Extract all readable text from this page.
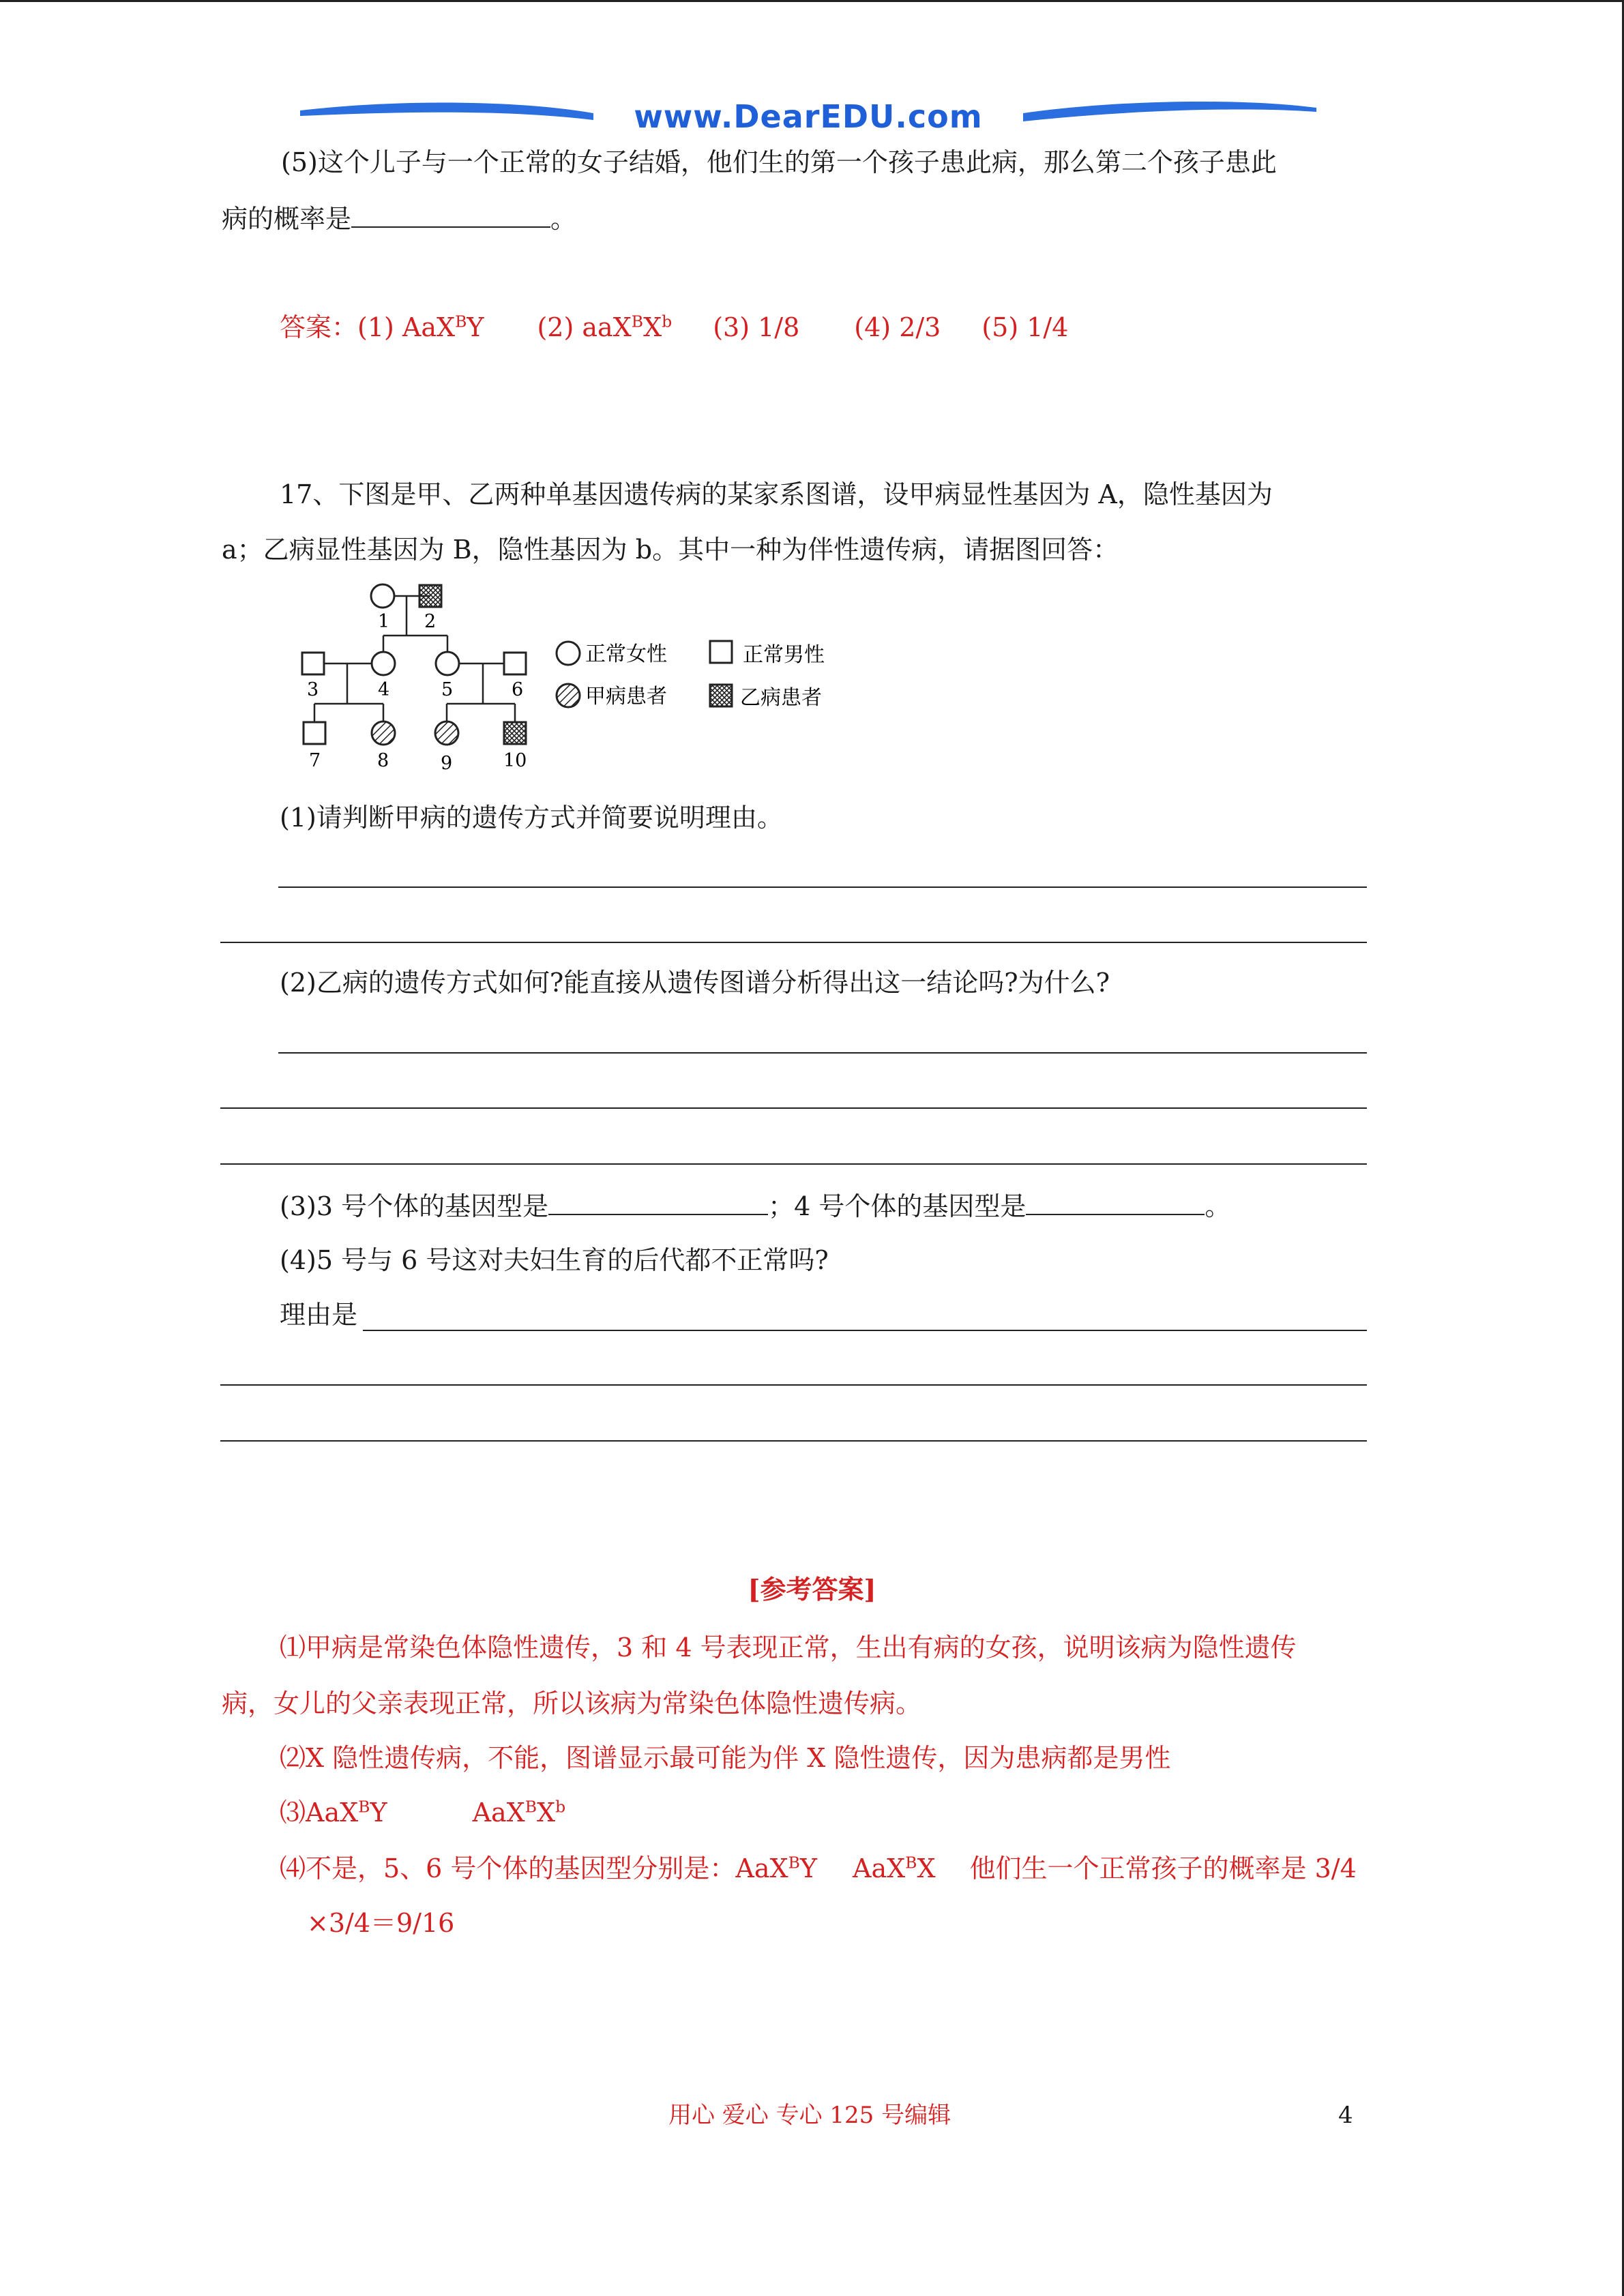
www.DearEDU.com
(5)这个儿子与一个正常的女子结婚，他们生的第一个孩子患此病，那么第二个孩子患此
病的概率是	。
答案：(1) AaX$^B$Y (2) $aaX^BX^b$ (3) 1/8 (4) 2/3 (5) 1/4
17、下图是甲、乙两种单基因遗传病的某家系图谱，设甲病显性基因为 A，隐性基因为
a；乙病显性基因为 B，隐性基因为 b。其中一种为伴性遗传病，请据图回答：
1 2
3	4	5	6
7	8	9	10
正常女性	正常男性
甲病患者	乙病患者
(1)请判断甲病的遗传方式并简要说明理由。
(2)乙病的遗传方式如何?能直接从遗传图谱分析得出这一结论吗?为什么?
(3)3 号个体的基因型是	；4 号个体的基因型是	。
(4)5 号与 6 号这对夫妇生育的后代都不正常吗?
理由是
[参考答案]
⑴甲病是常染色体隐性遗传，3 和 4 号表现正常，生出有病的女孩，说明该病为隐性遗传
病，女儿的父亲表现正常，所以该病为常染色体隐性遗传病。
⑵X 隐性遗传病，不能，图谱显示最可能为伴 X 隐性遗传，因为患病都是男性
⑶AaX$^B$Y	$AaX^BX^b$
⑷不是，5、6 号个体的基因型分别是：AaX$^B$Y AaX$^B$X 他们生一个正常孩子的概率是 3/4
×3/4＝9/16
用心 爱心 专心 125 号编辑	4
